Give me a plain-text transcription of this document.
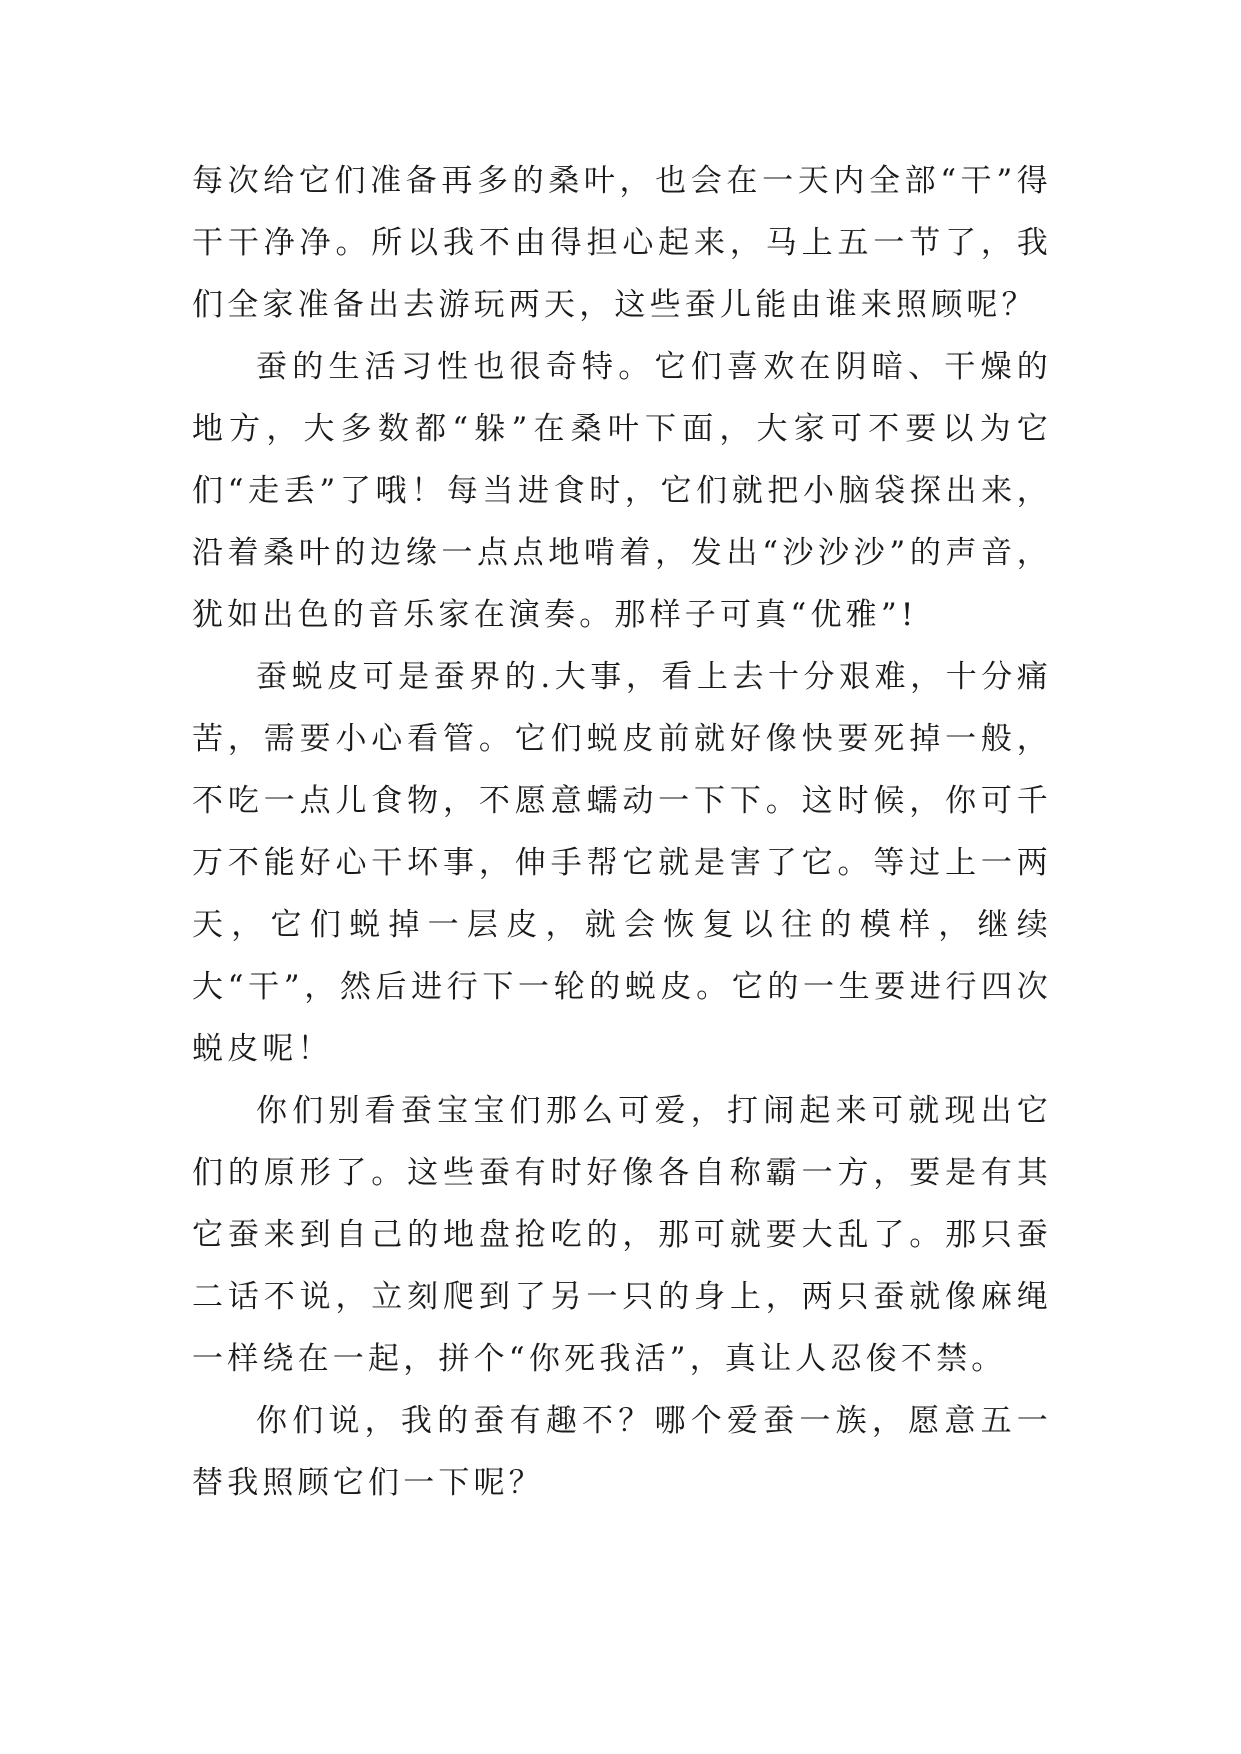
每次给它们准备再多的桑叶，也会在一天内全部“干”得干干净净。所以我不由得担心起来，马上五一节了，我们全家准备出去游玩两天，这些蚕儿能由谁来照顾呢？

蚕的生活习性也很奇特。它们喜欢在阴暗、干燥的地方，大多数都“躲”在桑叶下面，大家可不要以为它们“走丢”了哦！每当进食时，它们就把小脑袋探出来，沿着桑叶的边缘一点点地啃着，发出“沙沙沙”的声音，犹如出色的音乐家在演奏。那样子可真“优雅”!

蚕蜕皮可是蚕界的.大事，看上去十分艰难，十分痛苦，需要小心看管。它们蜕皮前就好像快要死掉一般，不吃一点儿食物，不愿意蠕动一下下。这时候，你可千万不能好心干坏事，伸手帮它就是害了它。等过上一两天，它们蜕掉一层皮，就会恢复以往的模样，继续大“干”，然后进行下一轮的蜕皮。它的一生要进行四次蜕皮呢！

你们别看蚕宝宝们那么可爱，打闹起来可就现出它们的原形了。这些蚕有时好像各自称霸一方，要是有其它蚕来到自己的地盘抢吃的，那可就要大乱了。那只蚕二话不说，立刻爬到了另一只的身上，两只蚕就像麻绳一样绕在一起，拼个“你死我活”，真让人忍俊不禁。

你们说，我的蚕有趣不？哪个爱蚕一族，愿意五一替我照顾它们一下呢？
